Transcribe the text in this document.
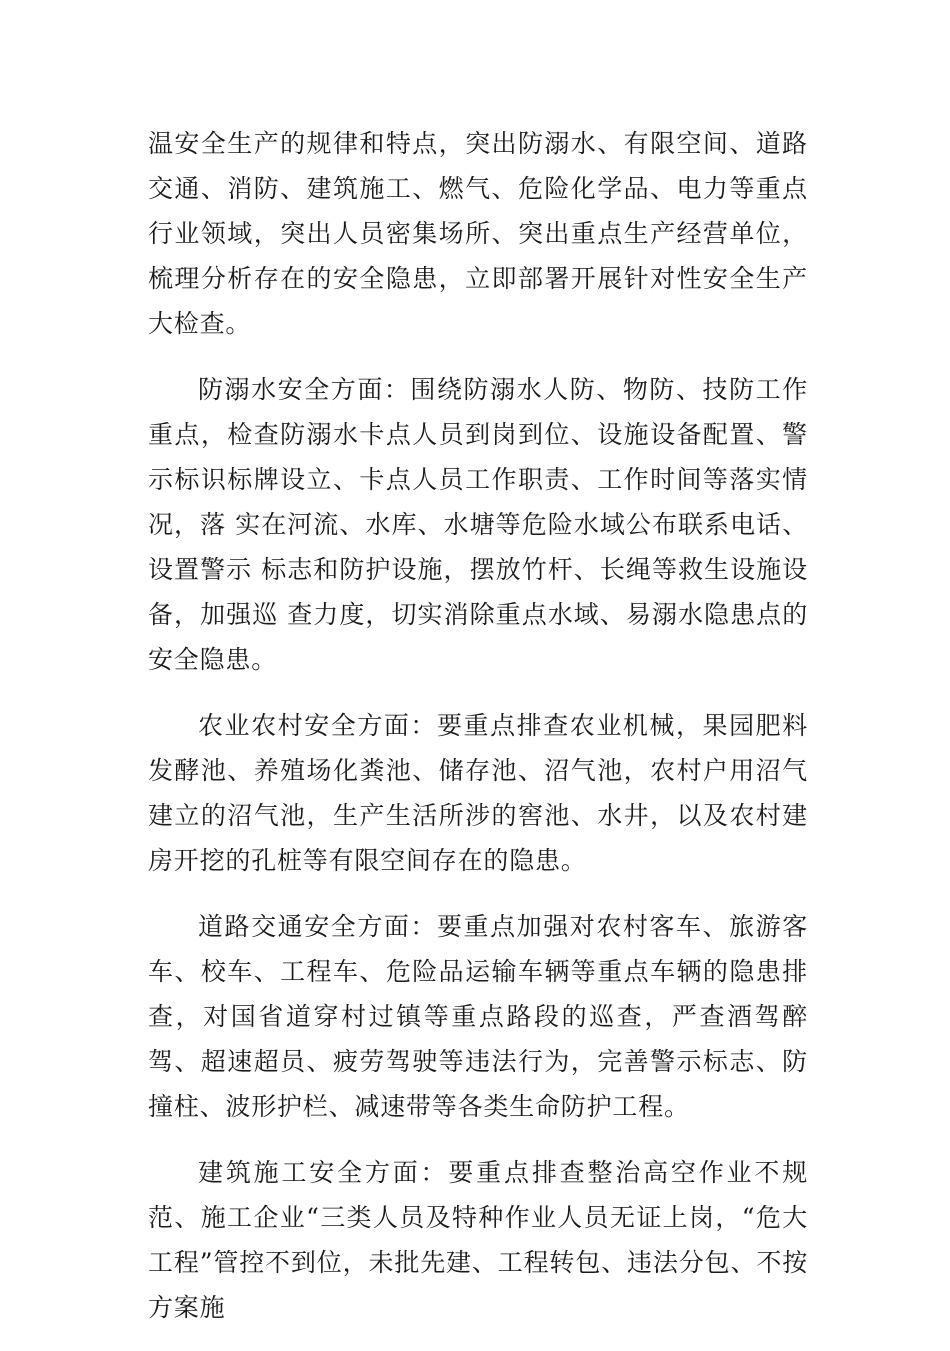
温安全生产的规律和特点，突出防溺水、有限空间、道路交通、消防、建筑施工、燃气、危险化学品、电力等重点行业领域，突出人员密集场所、突出重点生产经营单位，梳理分析存在的安全隐患，立即部署开展针对性安全生产大检查。

防溺水安全方面：围绕防溺水人防、物防、技防工作重点，检查防溺水卡点人员到岗到位、设施设备配置、警示标识标牌设立、卡点人员工作职责、工作时间等落实情况，落 实在河流、水库、水塘等危险水域公布联系电话、设置警示 标志和防护设施，摆放竹杆、长绳等救生设施设备，加强巡 查力度，切实消除重点水域、易溺水隐患点的安全隐患。

农业农村安全方面：要重点排查农业机械，果园肥料发酵池、养殖场化粪池、储存池、沼气池，农村户用沼气建立的沼气池，生产生活所涉的窖池、水井，以及农村建房开挖的孔桩等有限空间存在的隐患。

道路交通安全方面：要重点加强对农村客车、旅游客车、校车、工程车、危险品运输车辆等重点车辆的隐患排查，对国省道穿村过镇等重点路段的巡查，严查酒驾醉驾、超速超员、疲劳驾驶等违法行为，完善警示标志、防撞柱、波形护栏、减速带等各类生命防护工程。

建筑施工安全方面：要重点排查整治高空作业不规范、施工企业“三类人员及特种作业人员无证上岗，“危大工程”管控不到位，未批先建、工程转包、违法分包、不按方案施
